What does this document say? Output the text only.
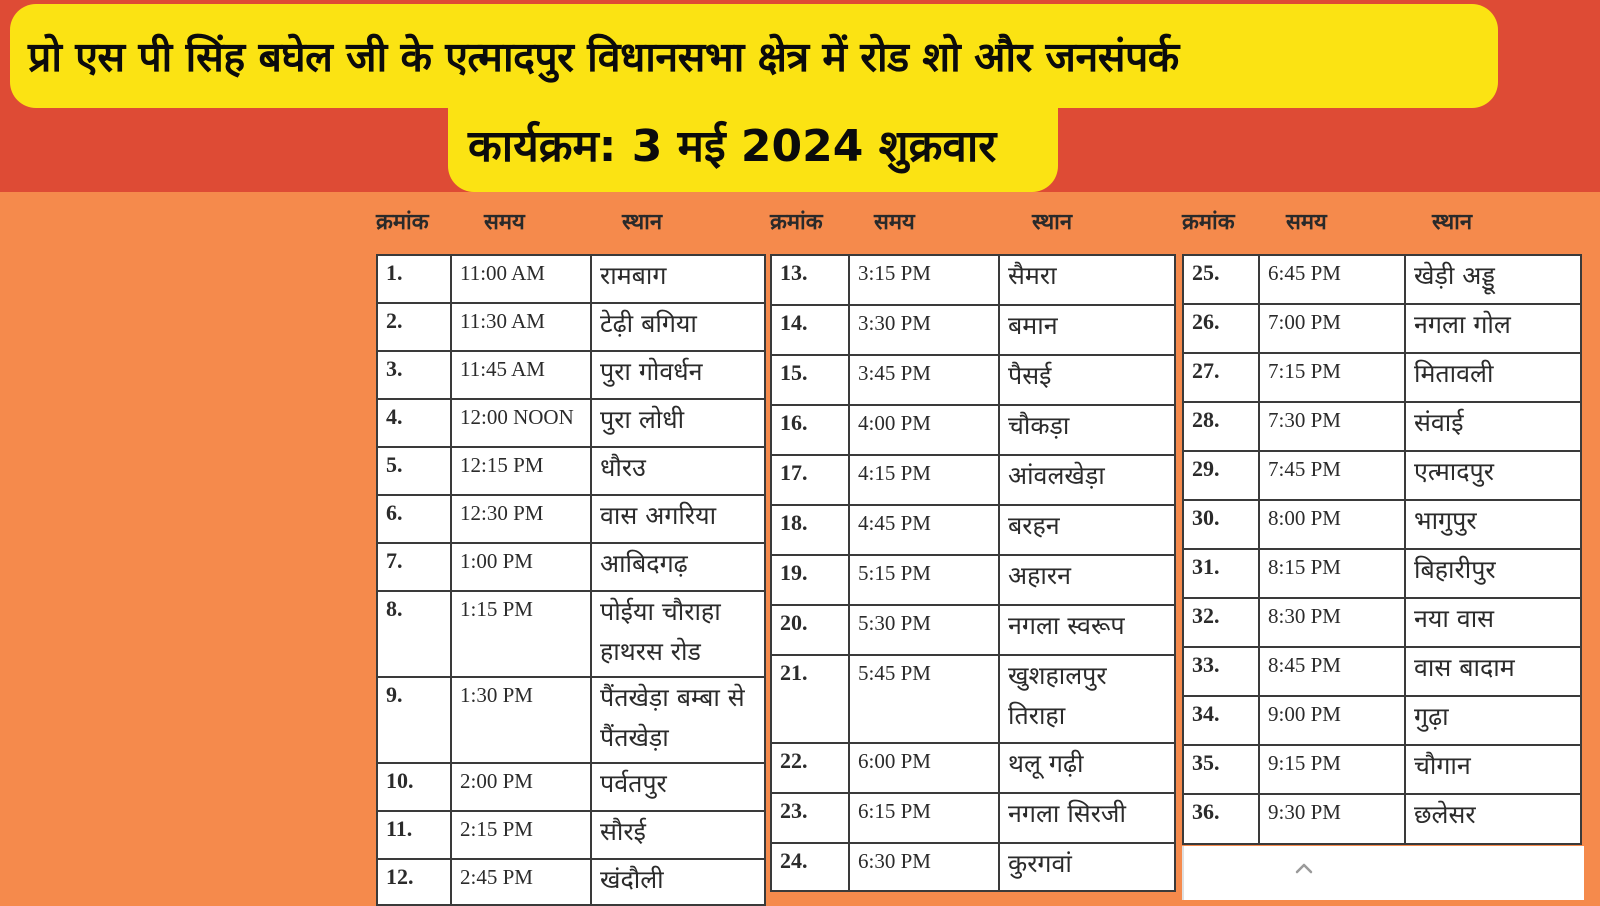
प्रो एस पी सिंह बघेल जी के एत्मादपुर विधानसभा क्षेत्र में रोड शो और जनसंपर्क
कार्यक्रम: 3 मई 2024 शुक्रवार
क्रमांक	समय	स्थान	क्रमांक समय	स्थान	क्रमांक समय	स्थान
1.	11:00 AM	रामबाग
2.	11:30 AM	टेढ़ी बगिया
3.	11:45 AM	पुरा गोवर्धन
4.	12:00 NOON	पुरा लोधी
5.	12:15 PM	धौरउ
6.	12:30 PM	वास अगरिया
7.	1:00 PM	आबिदगढ़
8.	1:15 PM	पोईया चौराहा हाथरस रोड
9.	1:30 PM	पैंतखेड़ा बम्बा से पैंतखेड़ा
10.	2:00 PM	पर्वतपुर
11.	2:15 PM	सौरई
12.	2:45 PM	खंदौली
13.	3:15 PM	सैमरा
14.	3:30 PM	बमान
15.	3:45 PM	पैसई
16.	4:00 PM	चौकड़ा
17.	4:15 PM	आंवलखेड़ा
18.	4:45 PM	बरहन
19.	5:15 PM	अहारन
20.	5:30 PM	नगला स्वरूप
21.	5:45 PM	खुशहालपुर तिराहा
22.	6:00 PM	थलू गढ़ी
23.	6:15 PM	नगला सिरजी
24.	6:30 PM	कुरगवां
25.	6:45 PM	खेड़ी अड्डू
26.	7:00 PM	नगला गोल
27.	7:15 PM	मितावली
28.	7:30 PM	संवाई
29.	7:45 PM	एत्मादपुर
30.	8:00 PM	भागुपुर
31.	8:15 PM	बिहारीपुर
32.	8:30 PM	नया वास
33.	8:45 PM	वास बादाम
34.	9:00 PM	गुढ़ा
35.	9:15 PM	चौगान
36.	9:30 PM	छलेसर
